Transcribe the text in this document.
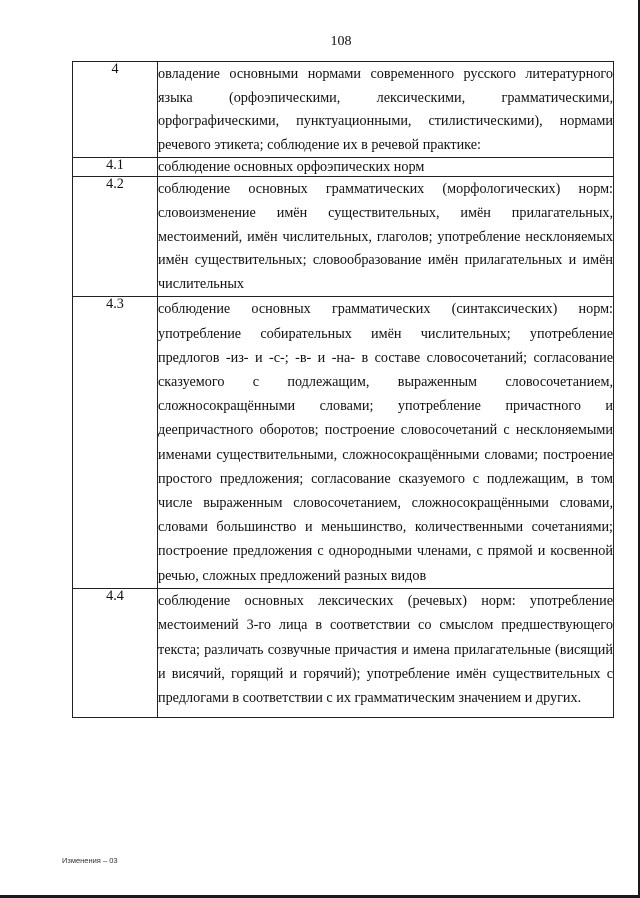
108
4	овладение основными нормами современного русского литературного языка (орфоэпическими, лексическими, грамматическими, орфографическими, пунктуационными, стилистическими), нормами речевого этикета; соблюдение их в речевой практике:
4.1	соблюдение основных орфоэпических норм
4.2	соблюдение основных грамматических (морфологических) норм: словоизменение имён существительных, имён прилагательных, местоимений, имён числительных, глаголов; употребление несклоняемых имён существительных; словообразование имён прилагательных и имён числительных
4.3	соблюдение основных грамматических (синтаксических) норм: употребление собирательных имён числительных; употребление предлогов -из- и -с-; -в- и -на- в составе словосочетаний; согласование сказуемого с подлежащим, выраженным словосочетанием, сложносокращёнными словами; употребление причастного и деепричастного оборотов; построение словосочетаний с несклоняемыми именами существительными, сложносокращёнными словами; построение простого предложения; согласование сказуемого с подлежащим, в том числе выраженным словосочетанием, сложносокращёнными словами, словами большинство и меньшинство, количественными сочетаниями; построение предложения с однородными членами, с прямой и косвенной речью, сложных предложений разных видов
4.4	соблюдение основных лексических (речевых) норм: употребление местоимений 3-го лица в соответствии со смыслом предшествующего текста; различать созвучные причастия и имена прилагательные (висящий и висячий, горящий и горячий); употребление имён существительных с предлогами в соответствии с их грамматическим значением и других.
Изменения – 03
